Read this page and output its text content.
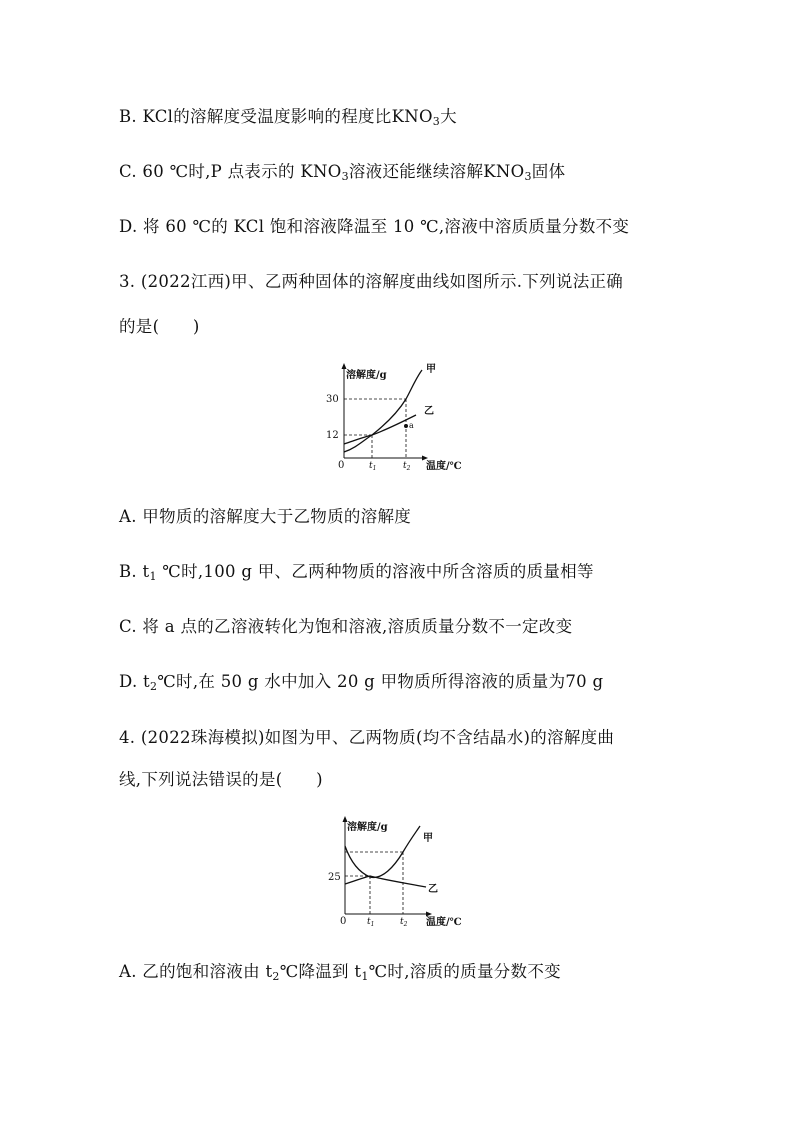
B. KCl的溶解度受温度影响的程度比$KNO_3$大
C. 60 ℃时,P 点表示的 $KNO_3$溶液还能继续溶解$KNO_3$固体
D. 将 60 ℃的 KCl 饱和溶液降温至 10 ℃,溶液中溶质质量分数不变
3. (2022江西)甲、乙两种固体的溶解度曲线如图所示.下列说法正确
的是(　　)
溶解度/g
甲
乙
a
30
12
0	$t_1$	$t_2$ 温度/℃
A. 甲物质的溶解度大于乙物质的溶解度
B. $t_1$ ℃时,100 g 甲、乙两种物质的溶液中所含溶质的质量相等
C. 将 a 点的乙溶液转化为饱和溶液,溶质质量分数不一定改变
D. $t_2℃$时,在 50 g 水中加入 20 g 甲物质所得溶液的质量为70 g
4. (2022珠海模拟)如图为甲、乙两物质(均不含结晶水)的溶解度曲
线,下列说法错误的是(　　)
溶解度/g
甲
乙
25
0 $t_1$	$t_2$ 温度/℃
A. 乙的饱和溶液由 $t_2℃$降温到 $t_1℃$时,溶质的质量分数不变
